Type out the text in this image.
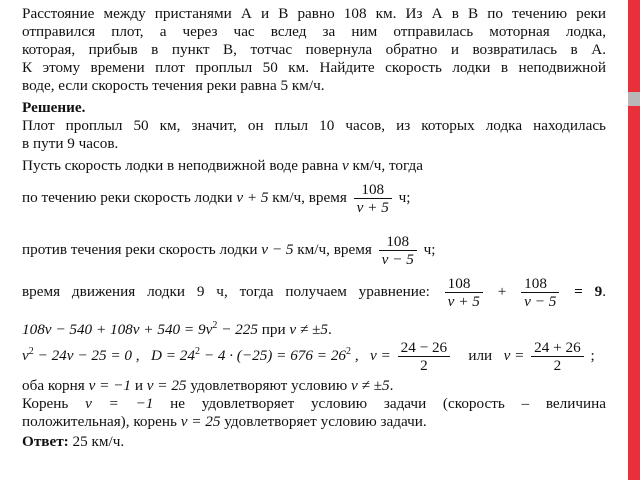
Расстояние между пристанями А и В равно 108 км. Из А в В по течению реки
отправился плот, а через час вслед за ним отправилась моторная лодка,
которая, прибыв в пункт В, тотчас повернула обратно и возвратилась в А.
К этому времени плот проплыл 50 км. Найдите скорость лодки в неподвижной
воде, если скорость течения реки равна 5 км/ч.
Решение.
Плот проплыл 50 км, значит, он плыл 10 часов, из которых лодка находилась
в пути 9 часов.
Пусть скорость лодки в неподвижной воде равна v км/ч, тогда
по течению реки скорость лодки v + 5 км/ч, время $\frac{108}{v + 5} ч$;
против течения реки скорость лодки v − 5 км/ч, время $\frac{108}{v - 5} ч$;
время движения лодки 9 ч, тогда получаем уравнение: $\frac{108}{v + 5} + \frac{108}{v - 5} = 9$.
$108v - 540 + 108v + 540 = 9v^2 - 225$ при v ≠ ±5.
$v^2 - 24v - 25 = 0$ , $D = 24^2 - 4 \cdot (-25) = 676 = 26^2$ , $v = \frac{24 - 26}{2}$ или $v = \frac{24 + 26}{2}$ ;
оба корня v = −1 и v = 25 удовлетворяют условию v ≠ ±5.
Корень v = −1 не удовлетворяет условию задачи (скорость – величина
положительная), корень v = 25 удовлетворяет условию задачи.
Ответ: 25 км/ч.
